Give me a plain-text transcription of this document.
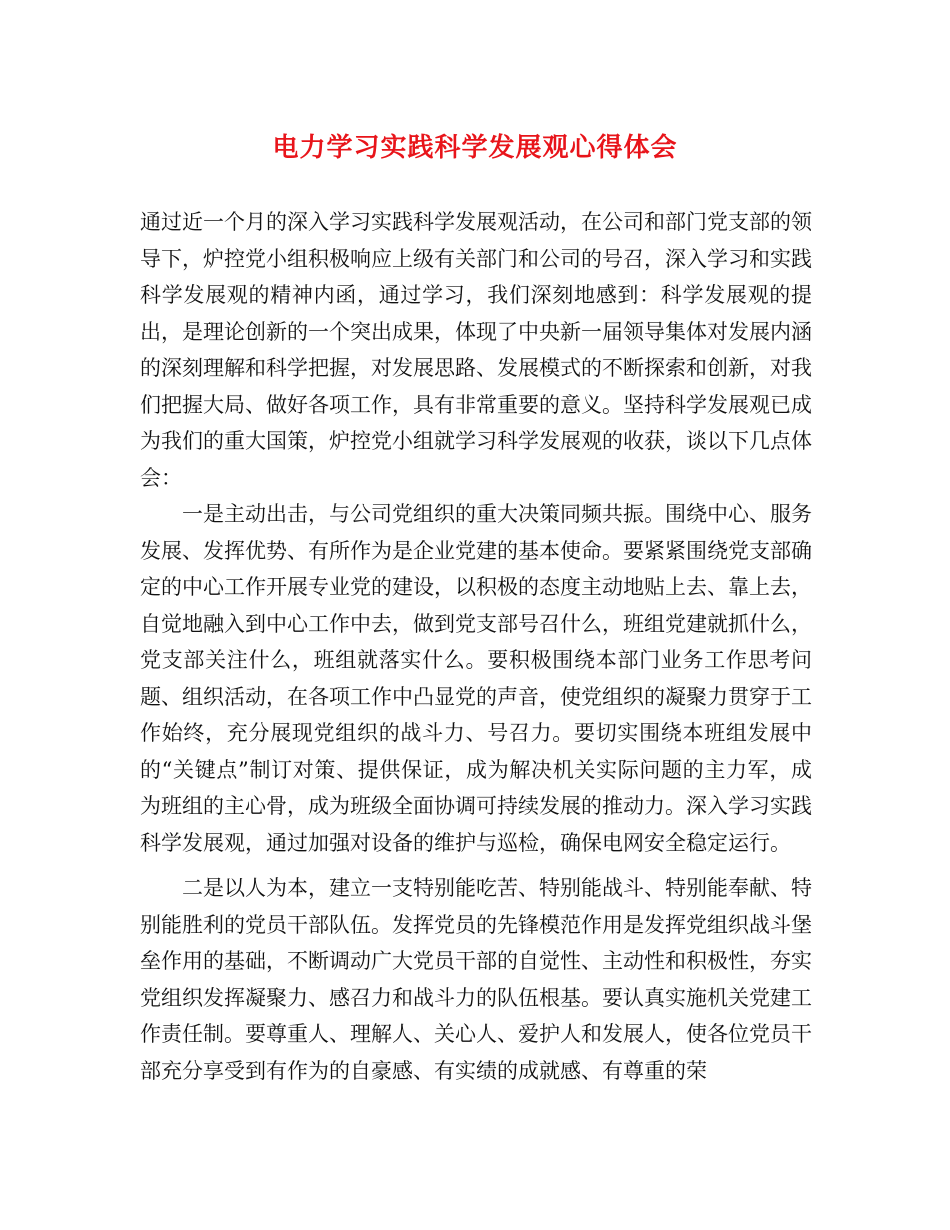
电力学习实践科学发展观心得体会

通过近一个月的深入学习实践科学发展观活动，在公司和部门党支部的领导下，炉控党小组积极响应上级有关部门和公司的号召，深入学习和实践科学发展观的精神内函，通过学习，我们深刻地感到：科学发展观的提出，是理论创新的一个突出成果，体现了中央新一届领导集体对发展内涵的深刻理解和科学把握，对发展思路、发展模式的不断探索和创新，对我们把握大局、做好各项工作，具有非常重要的意义。坚持科学发展观已成为我们的重大国策，炉控党小组就学习科学发展观的收获，谈以下几点体会：

一是主动出击，与公司党组织的重大决策同频共振。围绕中心、服务发展、发挥优势、有所作为是企业党建的基本使命。要紧紧围绕党支部确定的中心工作开展专业党的建设，以积极的态度主动地贴上去、靠上去，自觉地融入到中心工作中去，做到党支部号召什么，班组党建就抓什么，党支部关注什么，班组就落实什么。要积极围绕本部门业务工作思考问题、组织活动，在各项工作中凸显党的声音，使党组织的凝聚力贯穿于工作始终，充分展现党组织的战斗力、号召力。要切实围绕本班组发展中的“关键点”制订对策、提供保证，成为解决机关实际问题的主力军，成为班组的主心骨，成为班级全面协调可持续发展的推动力。深入学习实践科学发展观，通过加强对设备的维护与巡检，确保电网安全稳定运行。

二是以人为本，建立一支特别能吃苦、特别能战斗、特别能奉献、特别能胜利的党员干部队伍。发挥党员的先锋模范作用是发挥党组织战斗堡垒作用的基础，不断调动广大党员干部的自觉性、主动性和积极性，夯实党组织发挥凝聚力、感召力和战斗力的队伍根基。要认真实施机关党建工作责任制。要尊重人、理解人、关心人、爱护人和发展人，使各位党员干部充分享受到有作为的自豪感、有实绩的成就感、有尊重的荣
